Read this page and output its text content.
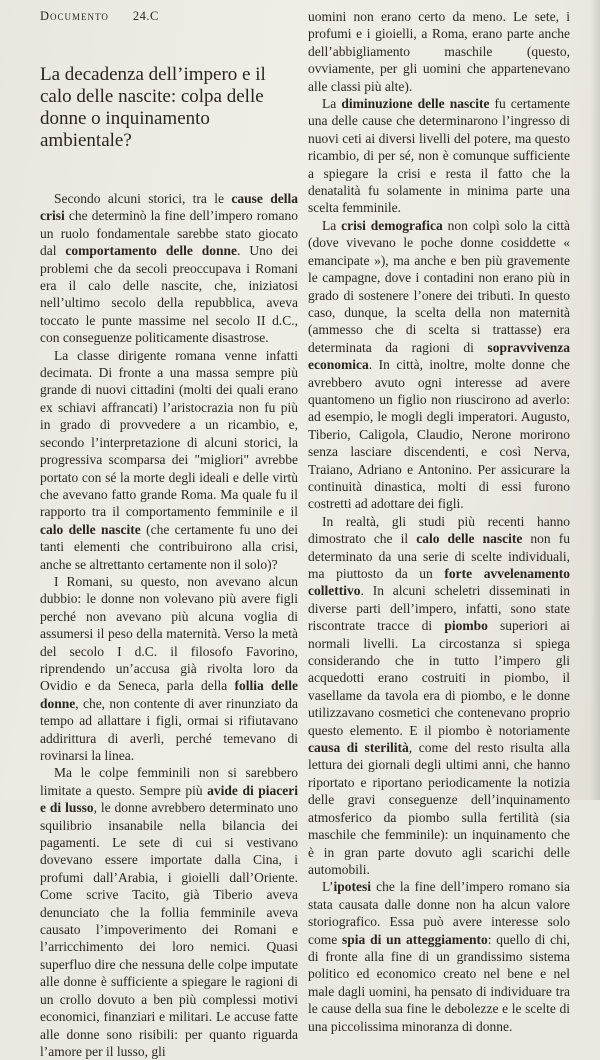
Documento 24.C
La decadenza dell’impero e il calo delle nascite: colpa delle donne o inquinamento ambientale?

Secondo alcuni storici, tra le cause della crisi che determinò la fine dell’impero romano un ruolo fondamentale sarebbe stato giocato dal comportamento delle donne. Uno dei problemi che da secoli preoccupava i Romani era il calo delle nascite, che, iniziatosi nell’ultimo secolo della repubblica, aveva toccato le punte massime nel secolo II d.C., con conseguenze politicamente disastrose.

La classe dirigente romana venne infatti decimata. Di fronte a una massa sempre più grande di nuovi cittadini (molti dei quali erano ex schiavi affrancati) l’aristocrazia non fu più in grado di provvedere a un ricambio, e, secondo l’interpretazione di alcuni storici, la progressiva scomparsa dei "migliori" avrebbe portato con sé la morte degli ideali e delle virtù che avevano fatto grande Roma. Ma quale fu il rapporto tra il comportamento femminile e il calo delle nascite (che certamente fu uno dei tanti elementi che contribuirono alla crisi, anche se altrettanto certamente non il solo)?

I Romani, su questo, non avevano alcun dubbio: le donne non volevano più avere figli perché non avevano più alcuna voglia di assumersi il peso della maternità. Verso la metà del secolo I d.C. il filosofo Favorino, riprendendo un’accusa già rivolta loro da Ovidio e da Seneca, parla della follia delle donne, che, non contente di aver rinunziato da tempo ad allattare i figli, ormai si rifiutavano addirittura di averli, perché temevano di rovinarsi la linea.

Ma le colpe femminili non si sarebbero limitate a questo. Sempre più avide di piaceri e di lusso, le donne avrebbero determinato uno squilibrio insanabile nella bilancia dei pagamenti. Le sete di cui si vestivano dovevano essere importate dalla Cina, i profumi dall’Arabia, i gioielli dall’Oriente. Come scrive Tacito, già Tiberio aveva denunciato che la follia femminile aveva causato l’impoverimento dei Romani e l’arricchimento dei loro nemici. Quasi superfluo dire che nessuna delle colpe imputate alle donne è sufficiente a spiegare le ragioni di un crollo dovuto a ben più complessi motivi economici, finanziari e militari. Le accuse fatte alle donne sono risibili: per quanto riguarda l’amore per il lusso, gli

uomini non erano certo da meno. Le sete, i profumi e i gioielli, a Roma, erano parte anche dell’abbigliamento maschile (questo, ovviamente, per gli uomini che appartenevano alle classi più alte).

La diminuzione delle nascite fu certamente una delle cause che determinarono l’ingresso di nuovi ceti ai diversi livelli del potere, ma questo ricambio, di per sé, non è comunque sufficiente a spiegare la crisi e resta il fatto che la denatalità fu solamente in minima parte una scelta femminile.

La crisi demografica non colpì solo la città (dove vivevano le poche donne cosiddette « emancipate »), ma anche e ben più gravemente le campagne, dove i contadini non erano più in grado di sostenere l’onere dei tributi. In questo caso, dunque, la scelta della non maternità (ammesso che di scelta si trattasse) era determinata da ragioni di sopravvivenza economica. In città, inoltre, molte donne che avrebbero avuto ogni interesse ad avere quantomeno un figlio non riuscirono ad averlo: ad esempio, le mogli degli imperatori. Augusto, Tiberio, Caligola, Claudio, Nerone morirono senza lasciare discendenti, e così Nerva, Traiano, Adriano e Antonino. Per assicurare la continuità dinastica, molti di essi furono costretti ad adottare dei figli.

In realtà, gli studi più recenti hanno dimostrato che il calo delle nascite non fu determinato da una serie di scelte individuali, ma piuttosto da un forte avvelenamento collettivo. In alcuni scheletri disseminati in diverse parti dell’impero, infatti, sono state riscontrate tracce di piombo superiori ai normali livelli. La circostanza si spiega considerando che in tutto l’impero gli acquedotti erano costruiti in piombo, il vasellame da tavola era di piombo, e le donne utilizzavano cosmetici che contenevano proprio questo elemento. E il piombo è notoriamente causa di sterilità, come del resto risulta alla lettura dei giornali degli ultimi anni, che hanno riportato e riportano periodicamente la notizia delle gravi conseguenze dell’inquinamento atmosferico da piombo sulla fertilità (sia maschile che femminile): un inquinamento che è in gran parte dovuto agli scarichi delle automobili.

L’ipotesi che la fine dell’impero romano sia stata causata dalle donne non ha alcun valore storiografico. Essa può avere interesse solo come spia di un atteggiamento: quello di chi, di fronte alla fine di un grandissimo sistema politico ed economico creato nel bene e nel male dagli uomini, ha pensato di individuare tra le cause della sua fine le debolezze e le scelte di una piccolissima minoranza di donne.
